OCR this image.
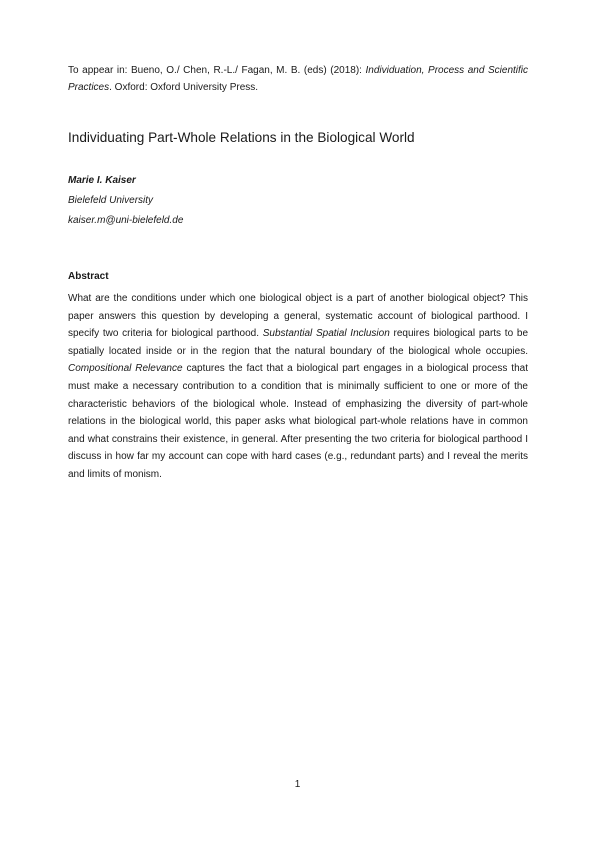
To appear in: Bueno, O./ Chen, R.-L./ Fagan, M. B. (eds) (2018): Individuation, Process and Scientific Practices. Oxford: Oxford University Press.

Individuating Part-Whole Relations in the Biological World
Marie I. Kaiser
Bielefeld University
kaiser.m@uni-bielefeld.de
Abstract

What are the conditions under which one biological object is a part of another biological object? This paper answers this question by developing a general, systematic account of biological parthood. I specify two criteria for biological parthood. Substantial Spatial Inclusion requires biological parts to be spatially located inside or in the region that the natural boundary of the biological whole occupies. Compositional Relevance captures the fact that a biological part engages in a biological process that must make a necessary contribution to a condition that is minimally sufficient to one or more of the characteristic behaviors of the biological whole. Instead of emphasizing the diversity of part-whole relations in the biological world, this paper asks what biological part-whole relations have in common and what constrains their existence, in general. After presenting the two criteria for biological parthood I discuss in how far my account can cope with hard cases (e.g., redundant parts) and I reveal the merits and limits of monism.

1
